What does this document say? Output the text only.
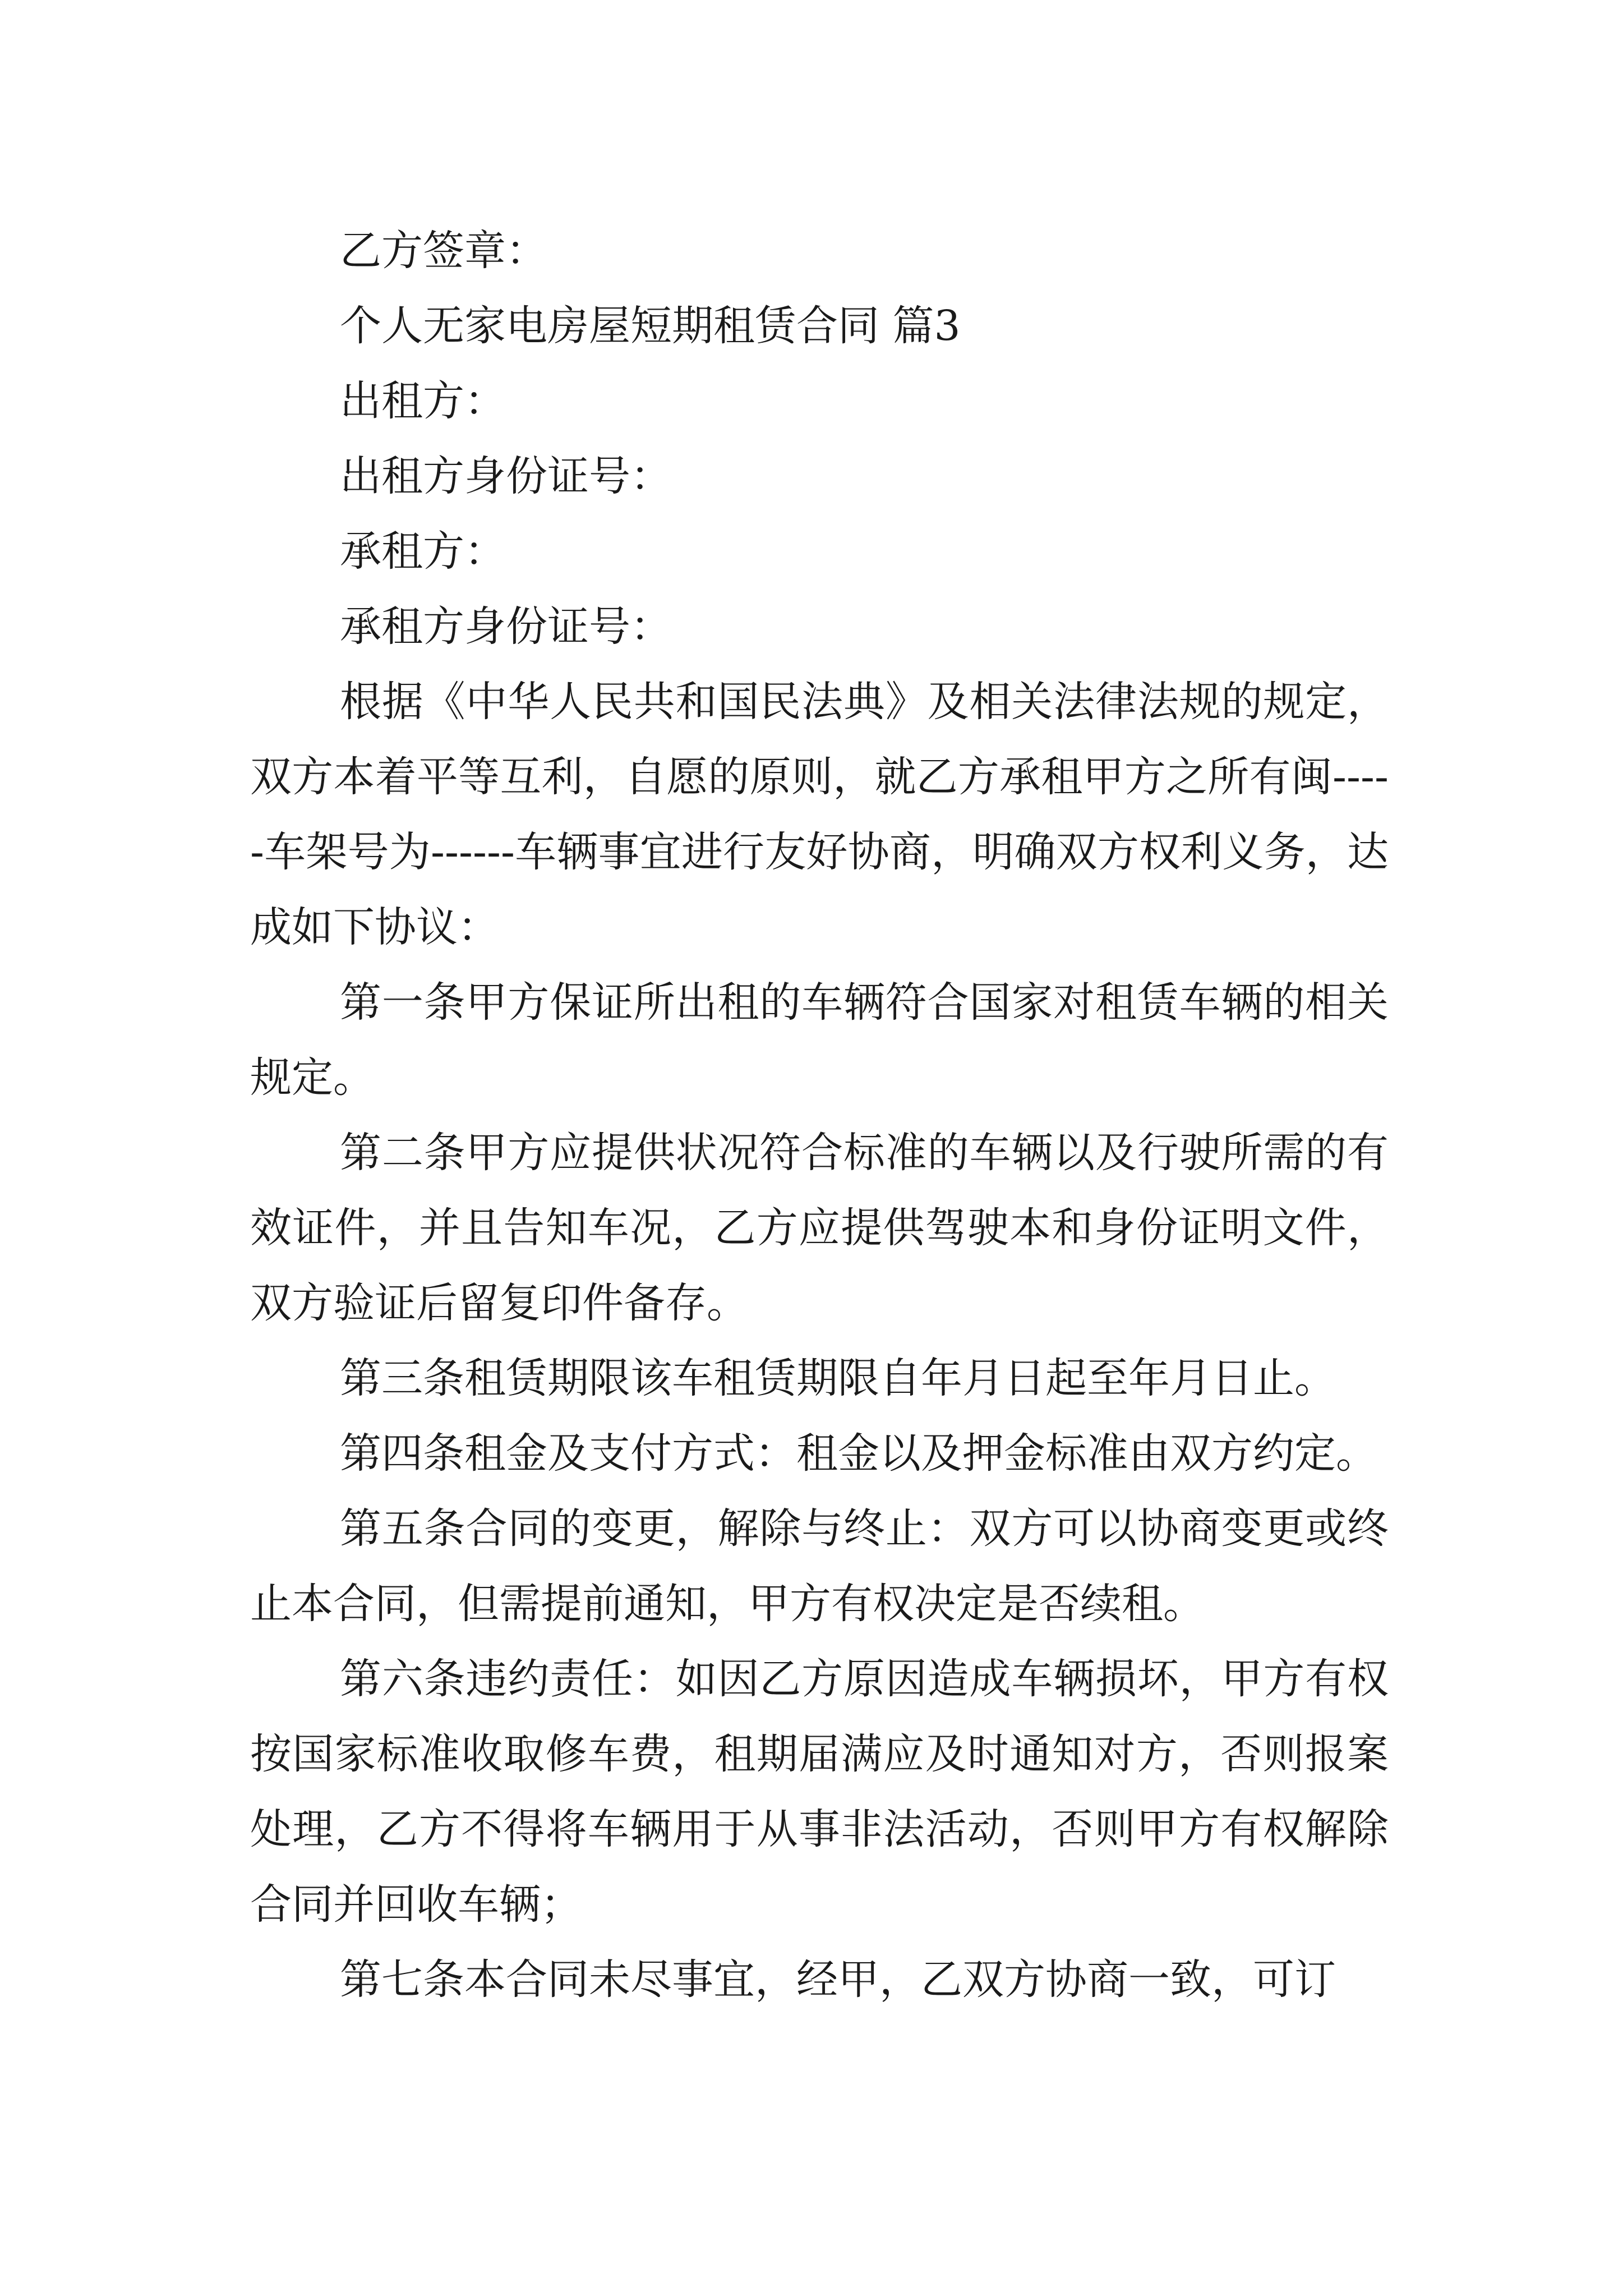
乙方签章：
个人无家电房屋短期租赁合同 篇3
出租方：
出租方身份证号：
承租方：
承租方身份证号：

根据《中华人民共和国民法典》及相关法律法规的规定，双方本着平等互利，自愿的原则，就乙方承租甲方之所有闽-----车架号为------车辆事宜进行友好协商，明确双方权利义务，达成如下协议：

第一条甲方保证所出租的车辆符合国家对租赁车辆的相关规定。

第二条甲方应提供状况符合标准的车辆以及行驶所需的有效证件，并且告知车况，乙方应提供驾驶本和身份证明文件，双方验证后留复印件备存。

第三条租赁期限该车租赁期限自年月日起至年月日止。

第四条租金及支付方式：租金以及押金标准由双方约定。

第五条合同的变更，解除与终止：双方可以协商变更或终止本合同，但需提前通知，甲方有权决定是否续租。

第六条违约责任：如因乙方原因造成车辆损坏，甲方有权按国家标准收取修车费，租期届满应及时通知对方，否则报案处理，乙方不得将车辆用于从事非法活动，否则甲方有权解除合同并回收车辆；

第七条本合同未尽事宜，经甲，乙双方协商一致，可订
